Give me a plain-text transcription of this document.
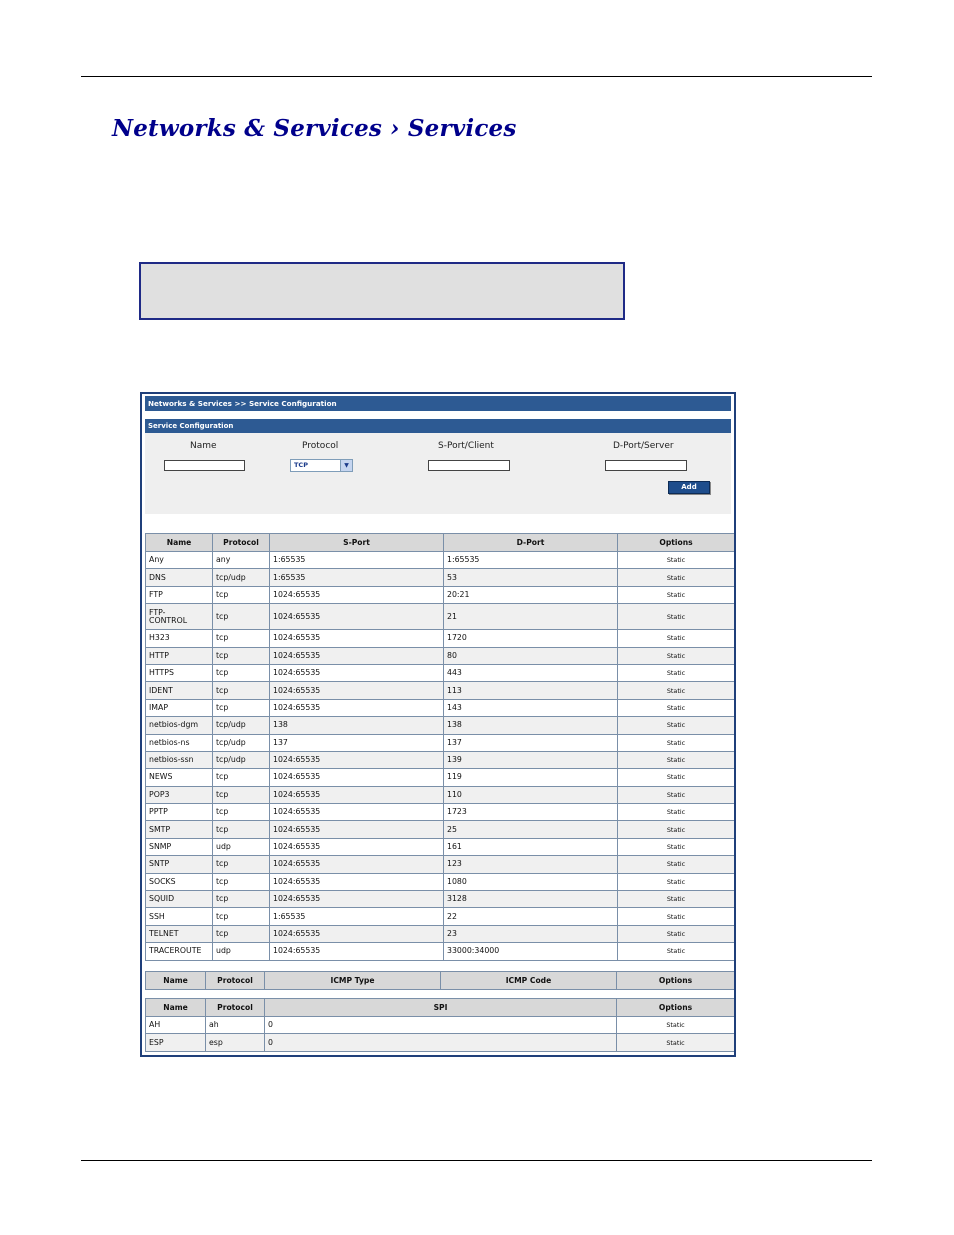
Networks & Services › Services
Networks & Services >> Service Configuration
Service Configuration
Name	Protocol	S-Port/Client	D-Port/Server
TCP	▼
Add
Name	Protocol	S-Port	D-Port	Options
Any	any	1:65535	1:65535	Static
DNS	tcp/udp	1:65535	53	Static
FTP	tcp	1024:65535	20:21	Static
FTP-
CONTROL	tcp	1024:65535	21	Static
H323	tcp	1024:65535	1720	Static
HTTP	tcp	1024:65535	80	Static
HTTPS	tcp	1024:65535	443	Static
IDENT	tcp	1024:65535	113	Static
IMAP	tcp	1024:65535	143	Static
netbios-dgm	tcp/udp	138	138	Static
netbios-ns	tcp/udp	137	137	Static
netbios-ssn	tcp/udp	1024:65535	139	Static
NEWS	tcp	1024:65535	119	Static
POP3	tcp	1024:65535	110	Static
PPTP	tcp	1024:65535	1723	Static
SMTP	tcp	1024:65535	25	Static
SNMP	udp	1024:65535	161	Static
SNTP	tcp	1024:65535	123	Static
SOCKS	tcp	1024:65535	1080	Static
SQUID	tcp	1024:65535	3128	Static
SSH	tcp	1:65535	22	Static
TELNET	tcp	1024:65535	23	Static
TRACEROUTE	udp	1024:65535	33000:34000	Static
Name	Protocol	ICMP Type	ICMP Code	Options
Name	Protocol	SPI	Options
AH	ah	0	Static
ESP	esp	0	Static
